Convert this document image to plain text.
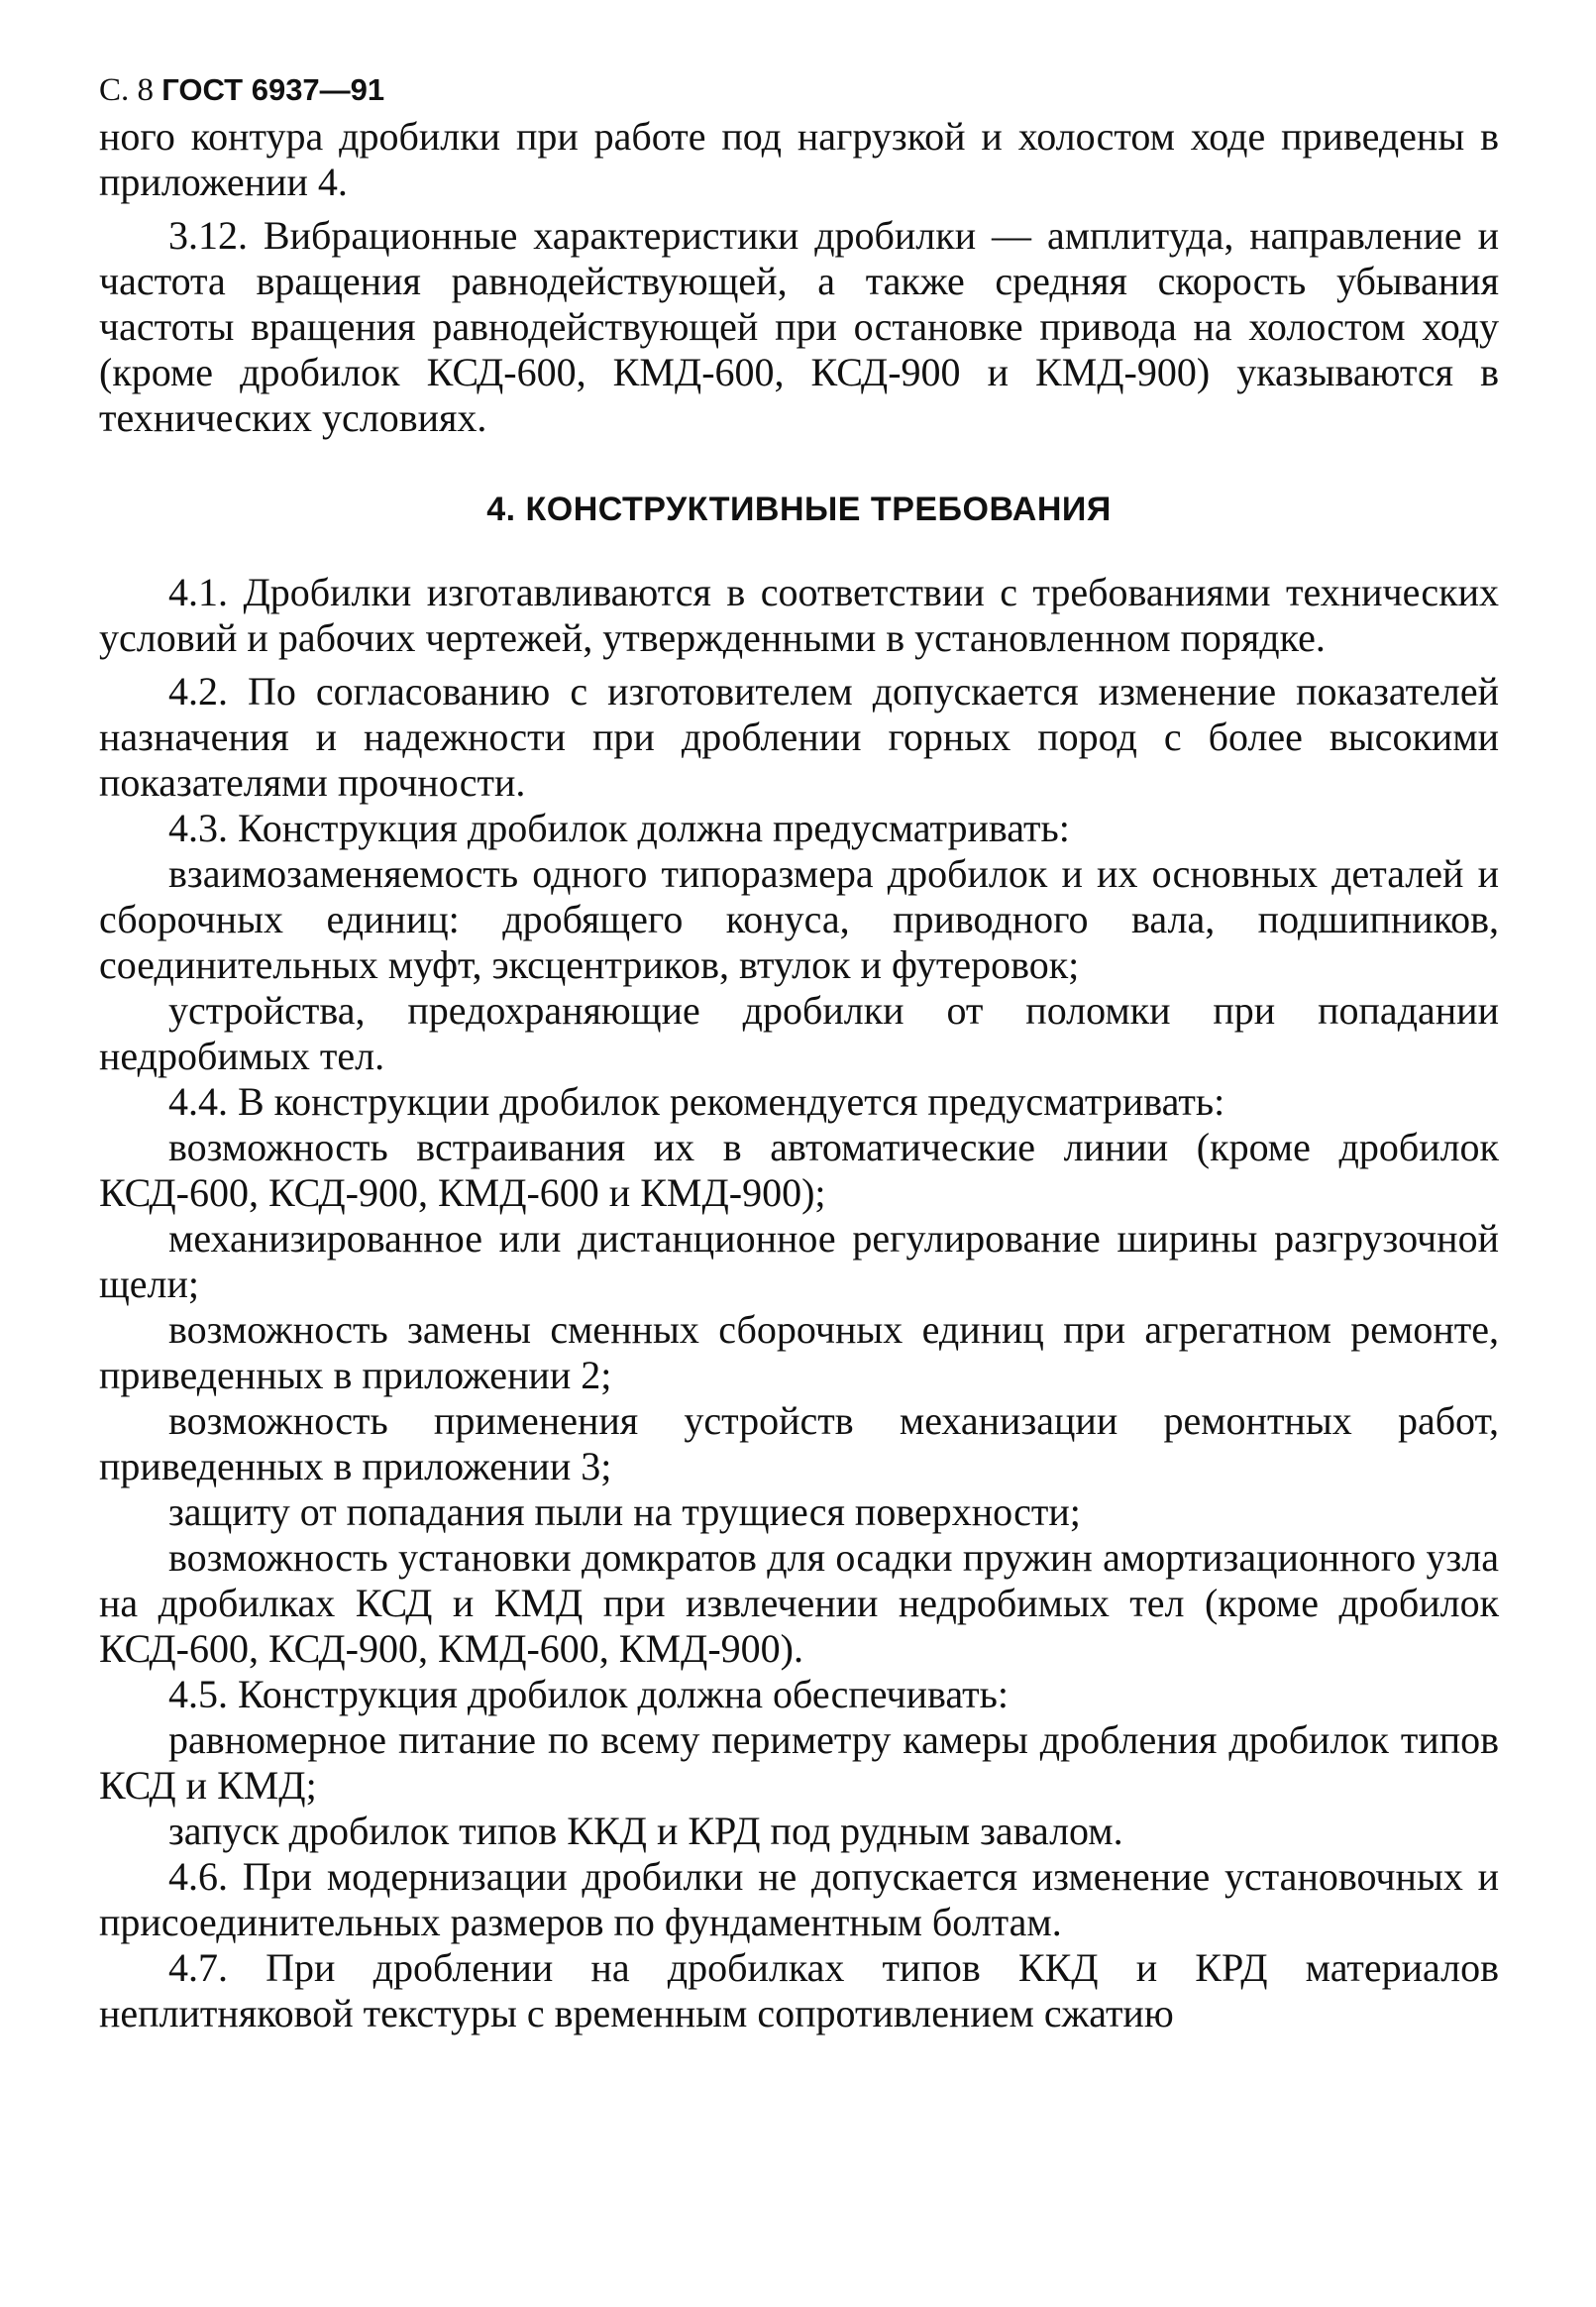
С. 8 ГОСТ 6937—91

ного контура дробилки при работе под нагрузкой и холостом ходе приведены в приложении 4.

3.12. Вибрационные характеристики дробилки — амплитуда, направление и частота вращения равнодействующей, а также средняя скорость убывания частоты вращения равнодействующей при остановке привода на холостом ходу (кроме дробилок КСД-600, КМД-600, КСД-900 и КМД-900) указываются в технических условиях.

4. КОНСТРУКТИВНЫЕ ТРЕБОВАНИЯ

4.1. Дробилки изготавливаются в соответствии с требованиями технических условий и рабочих чертежей, утвержденными в установленном порядке.

4.2. По согласованию с изготовителем допускается изменение показателей назначения и надежности при дроблении горных пород с более высокими показателями прочности.

4.3. Конструкция дробилок должна предусматривать:

взаимозаменяемость одного типоразмера дробилок и их основных деталей и сборочных единиц: дробящего конуса, приводного вала, подшипников, соединительных муфт, эксцентриков, втулок и футеровок;

устройства, предохраняющие дробилки от поломки при попадании недробимых тел.

4.4. В конструкции дробилок рекомендуется предусматривать:

возможность встраивания их в автоматические линии (кроме дробилок КСД-600, КСД-900, КМД-600 и КМД-900);

механизированное или дистанционное регулирование ширины разгрузочной щели;

возможность замены сменных сборочных единиц при агрегатном ремонте, приведенных в приложении 2;

возможность применения устройств механизации ремонтных работ, приведенных в приложении 3;

защиту от попадания пыли на трущиеся поверхности;

возможность установки домкратов для осадки пружин амортизационного узла на дробилках КСД и КМД при извлечении недробимых тел (кроме дробилок КСД-600, КСД-900, КМД-600, КМД-900).

4.5. Конструкция дробилок должна обеспечивать:

равномерное питание по всему периметру камеры дробления дробилок типов КСД и КМД;

запуск дробилок типов ККД и КРД под рудным завалом.

4.6. При модернизации дробилки не допускается изменение установочных и присоединительных размеров по фундаментным болтам.

4.7. При дроблении на дробилках типов ККД и КРД материалов неплитняковой текстуры с временным сопротивлением сжатию
